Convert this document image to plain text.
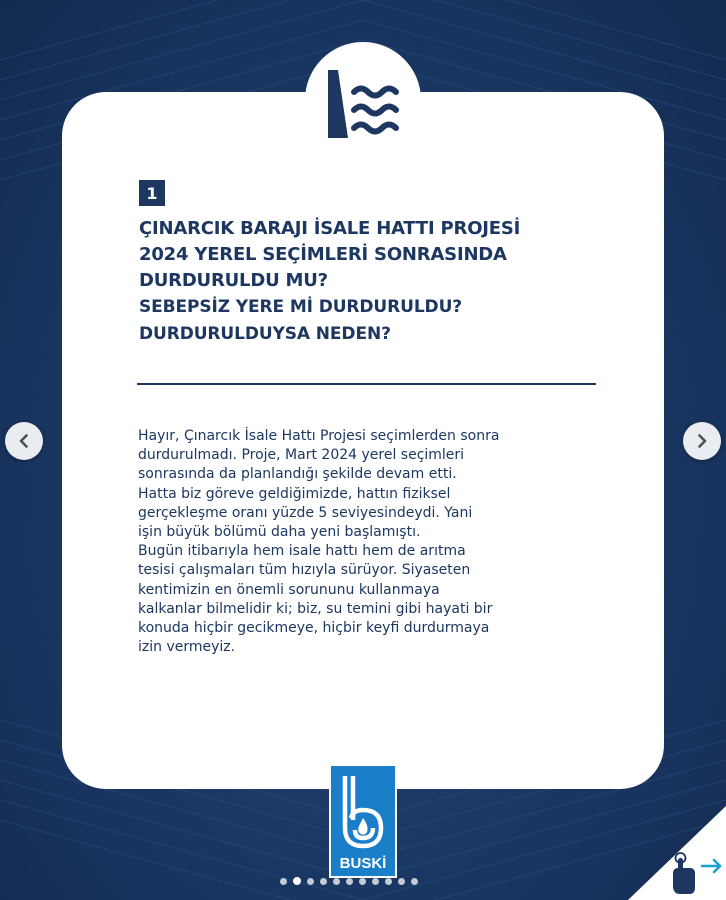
1
ÇINARCIK BARAJI İSALE HATTI PROJESİ
2024 YEREL SEÇİMLERİ SONRASINDA
DURDURULDU MU?
SEBEPSİZ YERE Mİ DURDURULDU?
DURDURULDUYSA NEDEN?

Hayır, Çınarcık İsale Hattı Projesi seçimlerden sonra

durdurulmadı. Proje, Mart 2024 yerel seçimleri

sonrasında da planlandığı şekilde devam etti.

Hatta biz göreve geldiğimizde, hattın fiziksel

gerçekleşme oranı yüzde 5 seviyesindeydi. Yani

işin büyük bölümü daha yeni başlamıştı.

Bugün itibarıyla hem isale hattı hem de arıtma

tesisi çalışmaları tüm hızıyla sürüyor. Siyaseten

kentimizin en önemli sorununu kullanmaya

kalkanlar bilmelidir ki; biz, su temini gibi hayati bir

konuda hiçbir gecikmeye, hiçbir keyfi durdurmaya

izin vermeyiz.

BUSKİ
